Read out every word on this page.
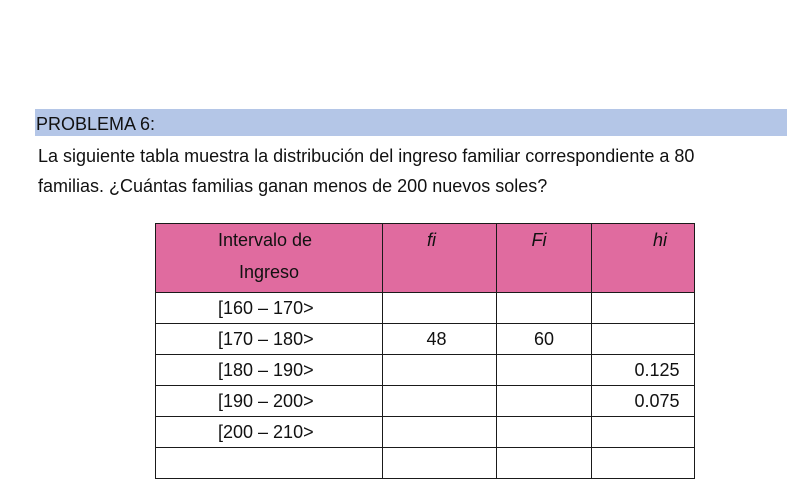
PROBLEMA 6:

La siguiente tabla muestra la distribución del ingreso familiar correspondiente a 80

familias. ¿Cuántas familias ganan menos de 200 nuevos soles?

Intervalo de
Ingreso	fi	Fi	hi
[160 – 170>			
[170 – 180>	48	60	
[180 – 190>			0.125
[190 – 200>			0.075
[200 – 210>			
